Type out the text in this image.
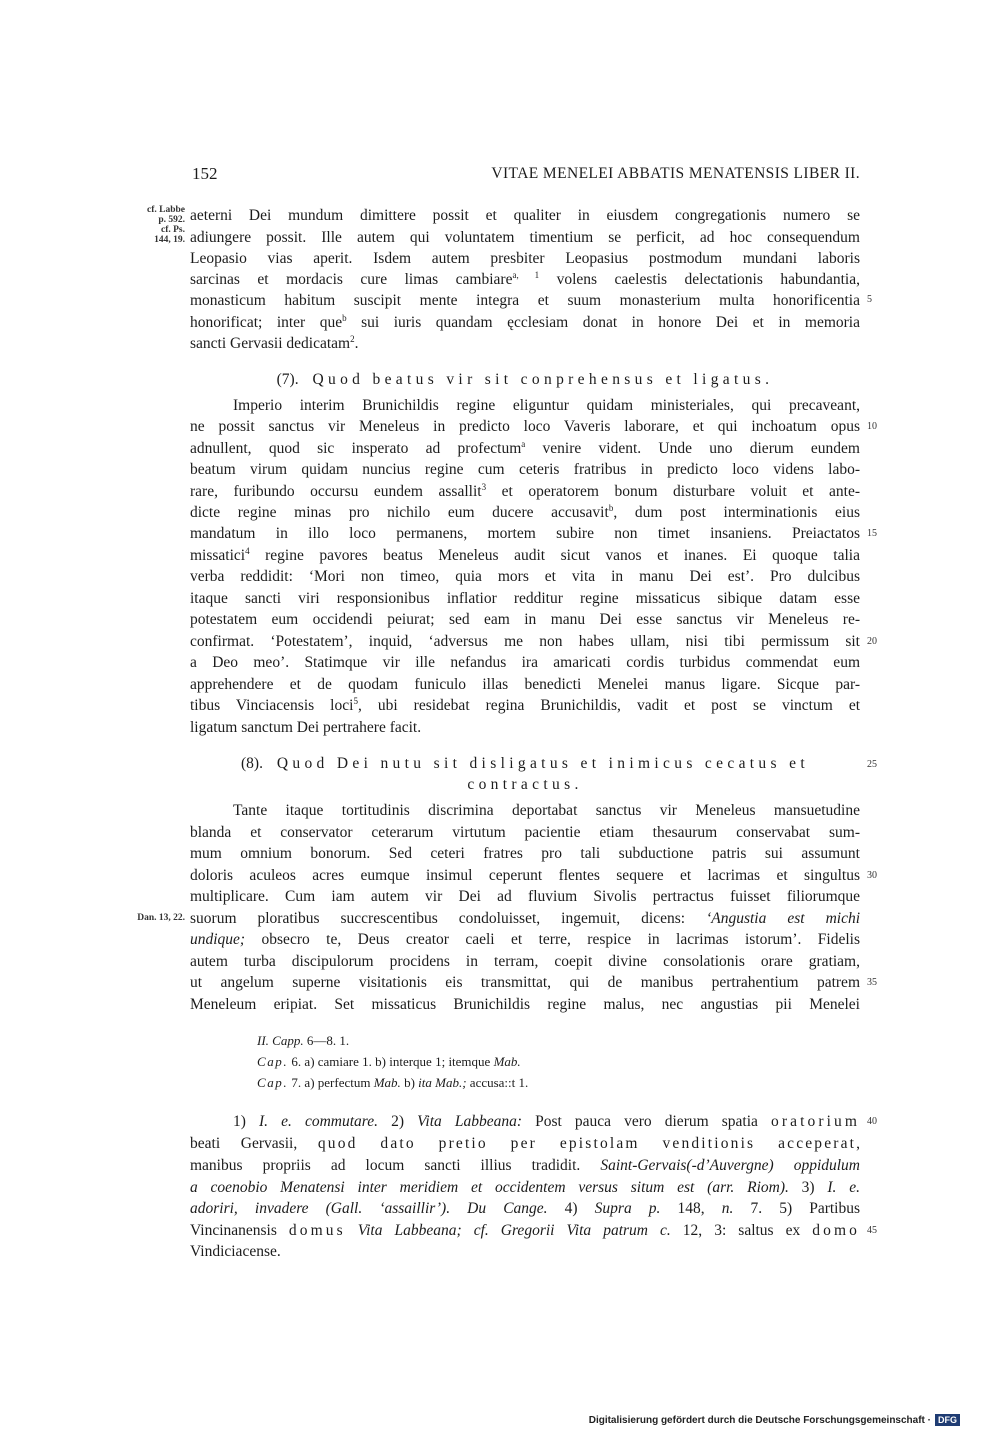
152	VITAE MENELEI ABBATIS MENATENSIS LIBER II.
cf. Labbe
p. 592.
cf. Ps.
144, 19.
Dan. 13, 22.
5
10
15
20
25
30
35
40
45
aeterni Dei mundum dimittere possit et qualiter in eiusdem congregationis numero se
adiungere possit. Ille autem qui voluntatem timentium se perficit, ad hoc consequendum
Leopasio vias aperit. Isdem autem presbiter Leopasius postmodum mundani laboris
sarcinas et mordacis cure limas cambiare$^{a, 1}$ volens caelestis delectationis habundantia,
monasticum habitum suscipit mente integra et suum monasterium multa honorificentia
honorificat; inter que$^b$ sui iuris quandam ęcclesiam donat in honore Dei et in memoria
sancti Gervasii dedicatam$^2$.
(7). Quod beatus vir sit conprehensus et ligatus.
Imperio interim Brunichildis regine eliguntur quidam ministeriales, qui precaveant,
ne possit sanctus vir Meneleus in predicto loco Vaveris laborare, et qui inchoatum opus
adnullent, quod sic insperato ad profectum$^a$ venire vident. Unde uno dierum eundem
beatum virum quidam nuncius regine cum ceteris fratribus in predicto loco videns labo-
rare, furibundo occursu eundem assallit$^3$ et operatorem bonum disturbare voluit et ante-
dicte regine minas pro nichilo eum ducere accusavit$^b$, dum post interminationis eius
mandatum in illo loco permanens, mortem subire non timet insaniens. Preiactatos
missatici$^4$ regine pavores beatus Meneleus audit sicut vanos et inanes. Ei quoque talia
verba reddidit: ‘Mori non timeo, quia mors et vita in manu Dei est’. Pro dulcibus
itaque sancti viri responsionibus inflatior redditur regine missaticus sibique datam esse
potestatem eum occidendi peiurat; sed eam in manu Dei esse sanctus vir Meneleus re-
confirmat. ‘Potestatem’, inquid, ‘adversus me non habes ullam, nisi tibi permissum sit
a Deo meo’. Statimque vir ille nefandus ira amaricati cordis turbidus commendat eum
apprehendere et de quodam funiculo illas benedicti Menelei manus ligare. Sicque par-
tibus Vinciacensis loci$^5$, ubi residebat regina Brunichildis, vadit et post se vinctum et
ligatum sanctum Dei pertrahere facit.
(8). Quod Dei nutu sit disligatus et inimicus cecatus et
contractus.
Tante itaque tortitudinis discrimina deportabat sanctus vir Meneleus mansuetudine
blanda et conservator ceterarum virtutum pacientie etiam thesaurum conservabat sum-
mum omnium bonorum. Sed ceteri fratres pro tali subductione patris sui assumunt
doloris aculeos acres eumque insimul ceperunt flentes sequere et lacrimas et singultus
multiplicare. Cum iam autem vir Dei ad fluvium Sivolis pertractus fuisset filiorumque
suorum ploratibus succrescentibus condoluisset, ingemuit, dicens: ‘Angustia est michi
undique; obsecro te, Deus creator caeli et terre, respice in lacrimas istorum’. Fidelis
autem turba discipulorum procidens in terram, coepit divine consolationis orare gratiam,
ut angelum superne visitationis eis transmittat, qui de manibus pertrahentium patrem
Meneleum eripiat. Set missaticus Brunichildis regine malus, nec angustias pii Menelei
II. Capp. 6—8. 1.
Cap. 6. a) camiare 1. b) interque 1; itemque Mab.
Cap. 7. a) perfectum Mab. b) ita Mab.; accusa::t 1.
1) I. e. commutare. 2) Vita Labbeana: Post pauca vero dierum spatia oratorium
beati Gervasii, quod dato pretio per epistolam venditionis acceperat,
manibus propriis ad locum sancti illius tradidit. Saint-Gervais(-d’Auvergne) oppidulum
a coenobio Menatensi inter meridiem et occidentem versus situm est (arr. Riom). 3) I. e.
adoriri, invadere (Gall. ‘assaillir’). Du Cange. 4) Supra p. 148, n. 7. 5) Partibus
Vincinanensis domus Vita Labbeana; cf. Gregorii Vita patrum c. 12, 3: saltus ex domo
Vindiciacense.
Digitalisierung gefördert durch die Deutsche Forschungsgemeinschaft · DFG
